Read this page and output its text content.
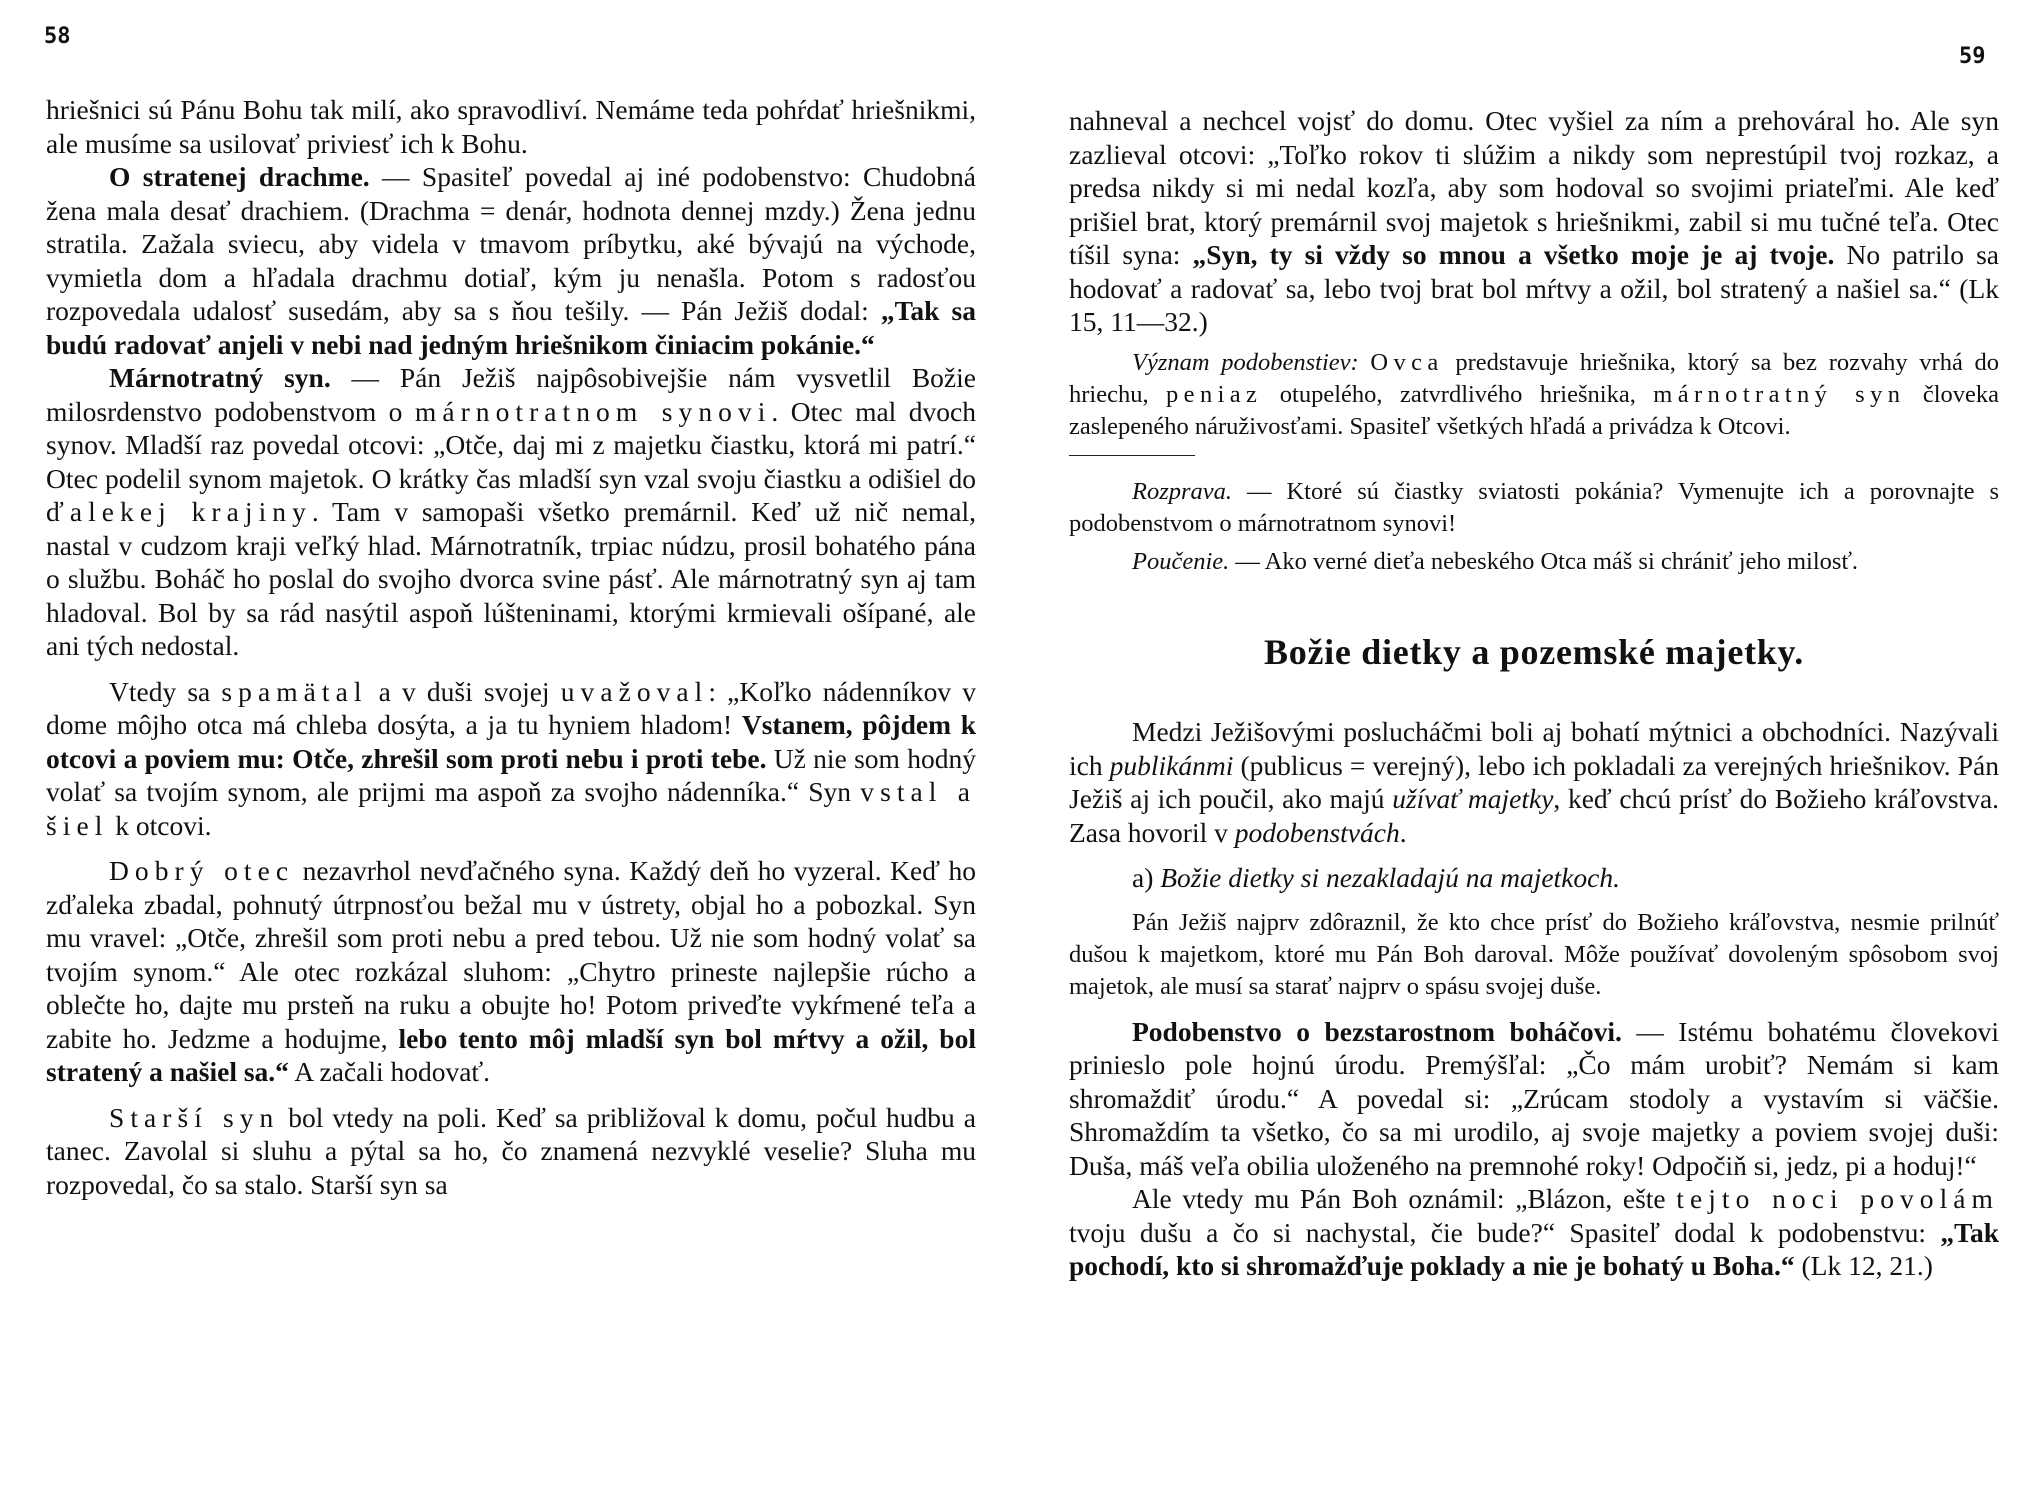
58

hriešnici sú Pánu Bohu tak milí, ako spravodliví. Nemáme teda pohŕdať hriešnikmi, ale musíme sa usilovať priviesť ich k Bohu.

O stratenej drachme. — Spasiteľ povedal aj iné podobenstvo: Chudobná žena mala desať drachiem. (Drachma = denár, hodnota dennej mzdy.) Žena jednu stratila. Zažala sviecu, aby videla v tmavom príbytku, aké bývajú na východe, vymietla dom a hľadala drachmu dotiaľ, kým ju nenašla. Potom s radosťou rozpovedala udalosť susedám, aby sa s ňou tešily. — Pán Ježiš dodal: „Tak sa budú radovať anjeli v nebi nad jedným hriešnikom činiacim pokánie.“

Márnotratný syn. — Pán Ježiš najpôsobivejšie nám vysvetlil Božie milosrdenstvo podobenstvom o márnotratnom synovi. Otec mal dvoch synov. Mladší raz povedal otcovi: „Otče, daj mi z majetku čiastku, ktorá mi patrí.“ Otec podelil synom majetok. O krátky čas mladší syn vzal svoju čiastku a odišiel do ďalekej krajiny. Tam v samopaši všetko premárnil. Keď už nič nemal, nastal v cudzom kraji veľký hlad. Márnotratník, trpiac núdzu, prosil bohatého pána o službu. Boháč ho poslal do svojho dvorca svine pásť. Ale márnotratný syn aj tam hladoval. Bol by sa rád nasýtil aspoň lúšteninami, ktorými krmievali ošípané, ale ani tých nedostal.

Vtedy sa spamätal a v duši svojej uvažoval: „Koľko nádenníkov v dome môjho otca má chleba dosýta, a ja tu hyniem hladom! Vstanem, pôjdem k otcovi a poviem mu: Otče, zhrešil som proti nebu i proti tebe. Už nie som hodný volať sa tvojím synom, ale prijmi ma aspoň za svojho nádenníka.“ Syn vstal a šiel k otcovi.

Dobrý otec nezavrhol nevďačného syna. Každý deň ho vyzeral. Keď ho zďaleka zbadal, pohnutý útrpnosťou bežal mu v ústrety, objal ho a pobozkal. Syn mu vravel: „Otče, zhrešil som proti nebu a pred tebou. Už nie som hodný volať sa tvojím synom.“ Ale otec rozkázal sluhom: „Chytro prineste najlepšie rúcho a oblečte ho, dajte mu prsteň na ruku a obujte ho! Potom priveďte vykŕmené teľa a zabite ho. Jedzme a hodujme, lebo tento môj mladší syn bol mŕtvy a ožil, bol stratený a našiel sa.“ A začali hodovať.

Starší syn bol vtedy na poli. Keď sa približoval k domu, počul hudbu a tanec. Zavolal si sluhu a pýtal sa ho, čo znamená nezvyklé veselie? Sluha mu rozpovedal, čo sa stalo. Starší syn sa

59

nahneval a nechcel vojsť do domu. Otec vyšiel za ním a prehováral ho. Ale syn zazlieval otcovi: „Toľko rokov ti slúžim a nikdy som neprestúpil tvoj rozkaz, a predsa nikdy si mi nedal kozľa, aby som hodoval so svojimi priateľmi. Ale keď prišiel brat, ktorý premárnil svoj majetok s hriešnikmi, zabil si mu tučné teľa. Otec tíšil syna: „Syn, ty si vždy so mnou a všetko moje je aj tvoje. No patrilo sa hodovať a radovať sa, lebo tvoj brat bol mŕtvy a ožil, bol stratený a našiel sa.“ (Lk 15, 11—32.)

Význam podobenstiev: Ovca predstavuje hriešnika, ktorý sa bez rozvahy vrhá do hriechu, peniaz otupelého, zatvrdlivého hriešnika, márnotratný syn človeka zaslepeného náruživosťami. Spasiteľ všetkých hľadá a privádza k Otcovi.

Rozprava. — Ktoré sú čiastky sviatosti pokánia? Vymenujte ich a porovnajte s podobenstvom o márnotratnom synovi!

Poučenie. — Ako verné dieťa nebeského Otca máš si chrániť jeho milosť.

Božie dietky a pozemské majetky.

Medzi Ježišovými poslucháčmi boli aj bohatí mýtnici a obchodníci. Nazývali ich publikánmi (publicus = verejný), lebo ich pokladali za verejných hriešnikov. Pán Ježiš aj ich poučil, ako majú užívať majetky, keď chcú prísť do Božieho kráľovstva. Zasa hovoril v podobenstvách.

a) Božie dietky si nezakladajú na majetkoch.

Pán Ježiš najprv zdôraznil, že kto chce prísť do Božieho kráľovstva, nesmie prilnúť dušou k majetkom, ktoré mu Pán Boh daroval. Môže používať dovoleným spôsobom svoj majetok, ale musí sa starať najprv o spásu svojej duše.

Podobenstvo o bezstarostnom boháčovi. — Istému bohatému človekovi prinieslo pole hojnú úrodu. Premýšľal: „Čo mám urobiť? Nemám si kam shromaždiť úrodu.“ A povedal si: „Zrúcam stodoly a vystavím si väčšie. Shromaždím ta všetko, čo sa mi urodilo, aj svoje majetky a poviem svojej duši: Duša, máš veľa obilia uloženého na premnohé roky! Odpočiň si, jedz, pi a hoduj!“

Ale vtedy mu Pán Boh oznámil: „Blázon, ešte tejto noci povolám tvoju dušu a čo si nachystal, čie bude?“ Spasiteľ dodal k podobenstvu: „Tak pochodí, kto si shromažďuje poklady a nie je bohatý u Boha.“ (Lk 12, 21.)
